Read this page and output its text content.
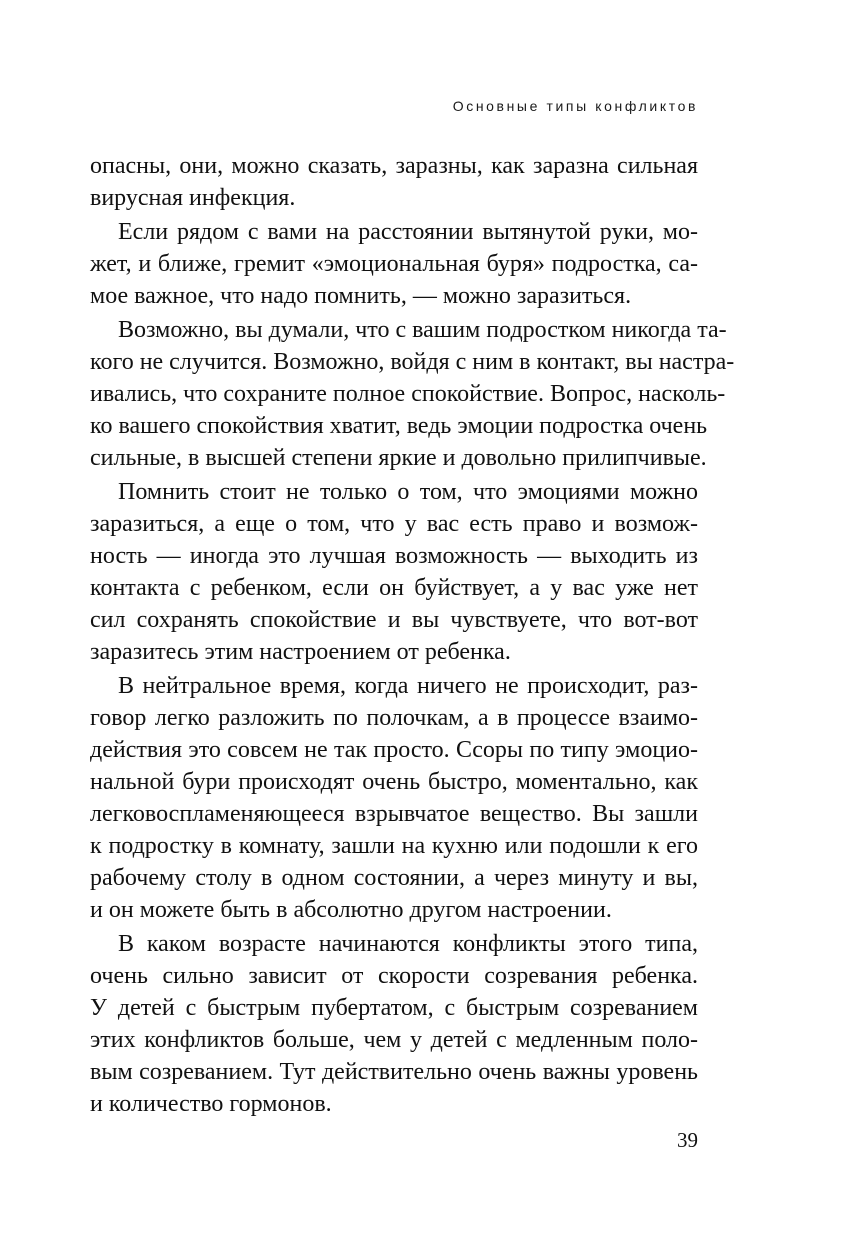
Основные типы конфликтов
опасны, они, можно сказать, заразны, как заразна сильная
вирусная инфекция.
Если рядом с вами на расстоянии вытянутой руки, мо-
жет, и ближе, гремит «эмоциональная буря» подростка, са-
мое важное, что надо помнить, — можно заразиться.
Возможно, вы думали, что с вашим подростком никогда та-
кого не случится. Возможно, войдя с ним в контакт, вы настра-
ивались, что сохраните полное спокойствие. Вопрос, насколь-
ко вашего спокойствия хватит, ведь эмоции подростка очень
сильные, в высшей степени яркие и довольно прилипчивые.
Помнить стоит не только о том, что эмоциями можно
заразиться, а еще о том, что у вас есть право и возмож-
ность — иногда это лучшая возможность — выходить из
контакта с ребенком, если он буйствует, а у вас уже нет
сил сохранять спокойствие и вы чувствуете, что вот-вот
заразитесь этим настроением от ребенка.
В нейтральное время, когда ничего не происходит, раз-
говор легко разложить по полочкам, а в процессе взаимо-
действия это совсем не так просто. Ссоры по типу эмоцио-
нальной бури происходят очень быстро, моментально, как
легковоспламеняющееся взрывчатое вещество. Вы зашли
к подростку в комнату, зашли на кухню или подошли к его
рабочему столу в одном состоянии, а через минуту и вы,
и он можете быть в абсолютно другом настроении.
В каком возрасте начинаются конфликты этого типа,
очень сильно зависит от скорости созревания ребенка.
У детей с быстрым пубертатом, с быстрым созреванием
этих конфликтов больше, чем у детей с медленным поло-
вым созреванием. Тут действительно очень важны уровень
и количество гормонов.
39
